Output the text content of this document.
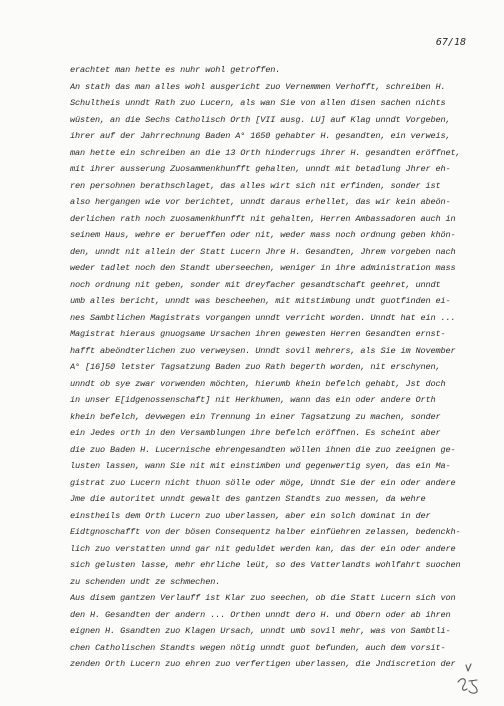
67/18
erachtet man hette es nuhr wohl getroffen.
An stath das man alles wohl ausgericht zuo Vernemmen Verhofft, schreiben H.
Schultheis unndt Rath zuo Lucern, als wan Sie von allen disen sachen nichts
wüsten, an die Sechs Catholisch Orth [VII ausg. LU] auf Klag unndt Vorgeben,
ihrer auf der Jahrrechnung Baden A° 1650 gehabter H. gesandten, ein verweis,
man hette ein schreiben an die 13 Orth hinderrugs ihrer H. gesandten eröffnet,
mit ihrer ausserung Zuosammenkhunfft gehalten, unndt mit betadlung Jhrer eh-
ren persohnen berathschlaget, das alles wirt sich nit erfinden, sonder ist
also hergangen wie vor berichtet, unndt daraus erhellet, das wir kein abeön-
derlichen rath noch zuosamenkhunfft nit gehalten, Herren Ambassadoren auch in
seinem Haus, wehre er berueffen oder nit, weder mass noch ordnung geben khön-
den, unndt nit allein der Statt Lucern Jhre H. Gesandten, Jhrem vorgeben nach
weder tadlet noch den Standt uberseechen, weniger in ihre administration mass
noch ordnung nit geben, sonder mit dreyfacher gesandtschaft geehret, unndt
umb alles bericht, unndt was bescheehen, mit mitstimbung undt guotfinden ei-
nes Sambtlichen Magistrats vorgangen unndt verricht worden. Unndt hat ein ...
Magistrat hieraus gnuogsame Ursachen ihren gewesten Herren Gesandten ernst-
hafft abeöndterlichen zuo verweysen. Unndt sovil mehrers, als Sie im November
A° [16]50 letster Tagsatzung Baden zuo Rath begerth worden, nit erschynen,
unndt ob sye zwar vorwenden möchten, hierumb khein befelch gehabt, Jst doch
in unser E[idgenossenschaft] nit Herkhumen, wann das ein oder andere Orth
khein befelch, devwegen ein Trennung in einer Tagsatzung zu machen, sonder
ein Jedes orth in den Versamblungen ihre befelch eröffnen. Es scheint aber
die zuo Baden H. Lucernische ehrengesandten wöllen ihnen die zuo zeeignen ge-
lusten lassen, wann Sie nit mit einstimben und gegenwertig syen, das ein Ma-
gistrat zuo Lucern nicht thuon sölle oder möge, Unndt Sie der ein oder andere
Jme die autoritet unndt gewalt des gantzen Standts zuo messen, da wehre
einstheils dem Orth Lucern zuo uberlassen, aber ein solch dominat in der
Eidtgnoschafft von der bösen Consequentz halber einfüehren zelassen, bedenckh-
lich zuo verstatten unnd gar nit geduldet werden kan, das der ein oder andere
sich gelusten lasse, mehr ehrliche leüt, so des Vatterlandts wohlfahrt suochen
zu schenden undt ze schmechen.
Aus disem gantzen Verlauff ist Klar zuo seechen, ob die Statt Lucern sich von
den H. Gesandten der andern ... Orthen unndt dero H. und Obern oder ab ihren
eignen H. Gsandten zuo Klagen Ursach, unndt umb sovil mehr, was von Sambtli-
chen Catholischen Standts wegen nötig unndt guot befunden, auch dem vorsit-
zenden Orth Lucern zuo ehren zuo verfertigen uberlassen, die Jndiscretion der
